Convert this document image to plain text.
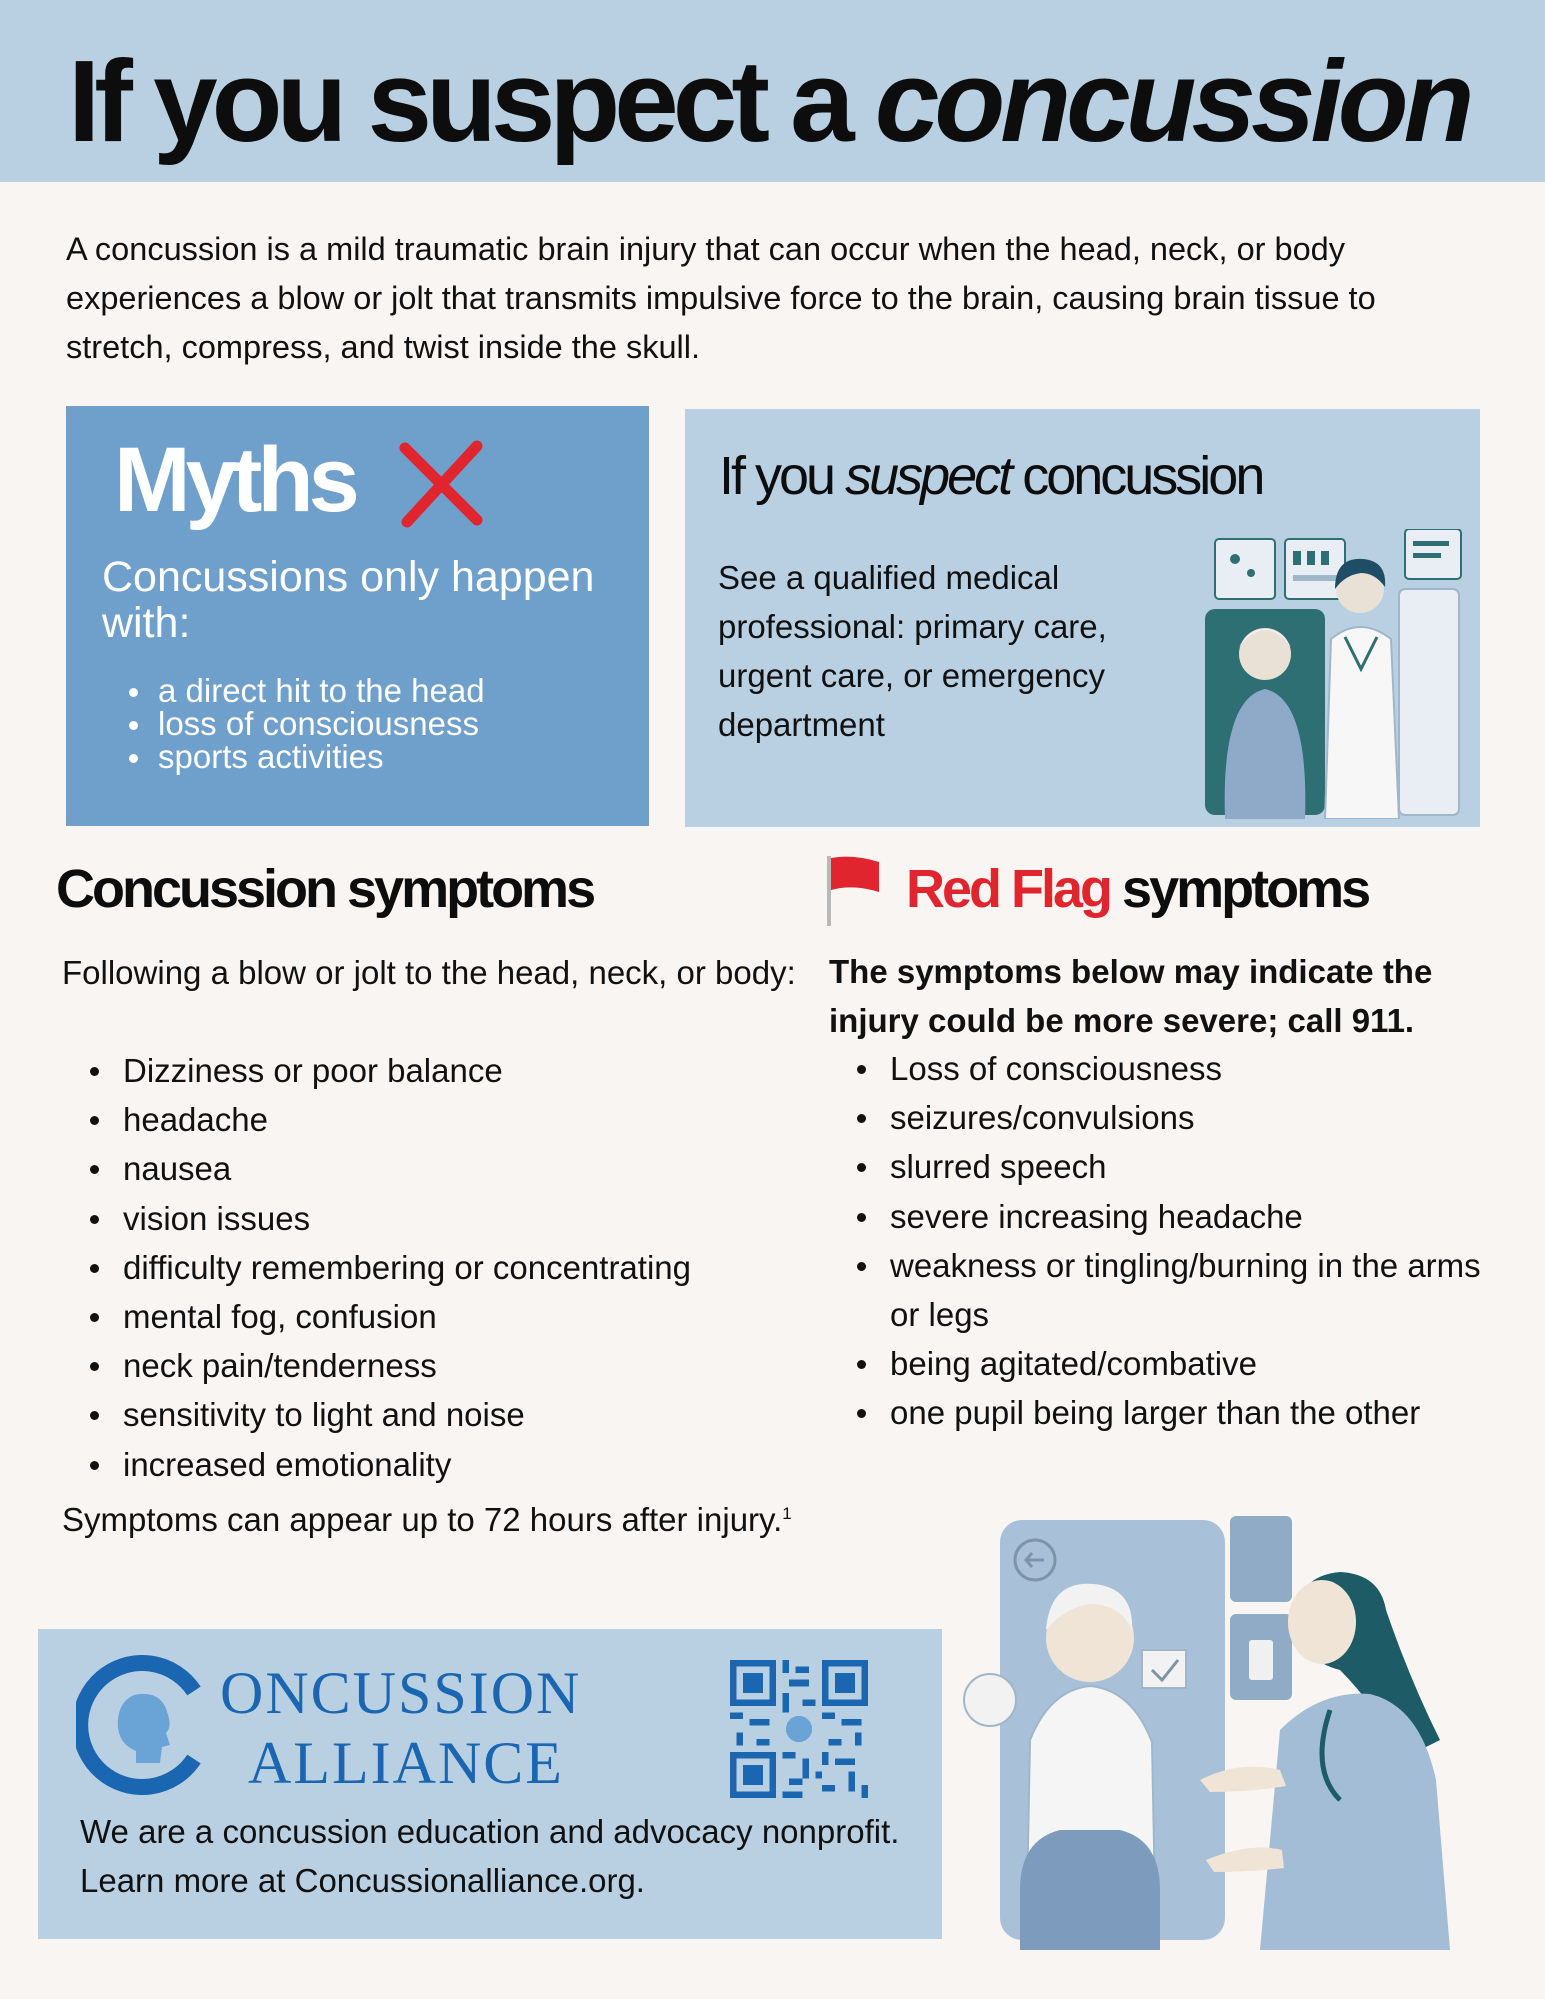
If you suspect a concussion

A concussion is a mild traumatic brain injury that can occur when the head, neck, or body experiences a blow or jolt that transmits impulsive force to the brain, causing brain tissue to stretch, compress, and twist inside the skull.

Myths
Concussions only happen with:
a direct hit to the head
loss of consciousness
sports activities
If you suspect concussion

See a qualified medical professional: primary care, urgent care, or emergency department

Concussion symptoms

Following a blow or jolt to the head, neck, or body:

Dizziness or poor balance
headache
nausea
vision issues
difficulty remembering or concentrating
mental fog, confusion
neck pain/tenderness
sensitivity to light and noise
increased emotionality

Symptoms can appear up to 72 hours after injury.$^1$

Red Flag symptoms

The symptoms below may indicate the injury could be more severe; call 911.

Loss of consciousness
seizures/convulsions
slurred speech
severe increasing headache
weakness or tingling/burning in the arms or legs
being agitated/combative
one pupil being larger than the other
ONCUSSION
ALLIANCE

We are a concussion education and advocacy nonprofit. Learn more at Concussionalliance.org.
